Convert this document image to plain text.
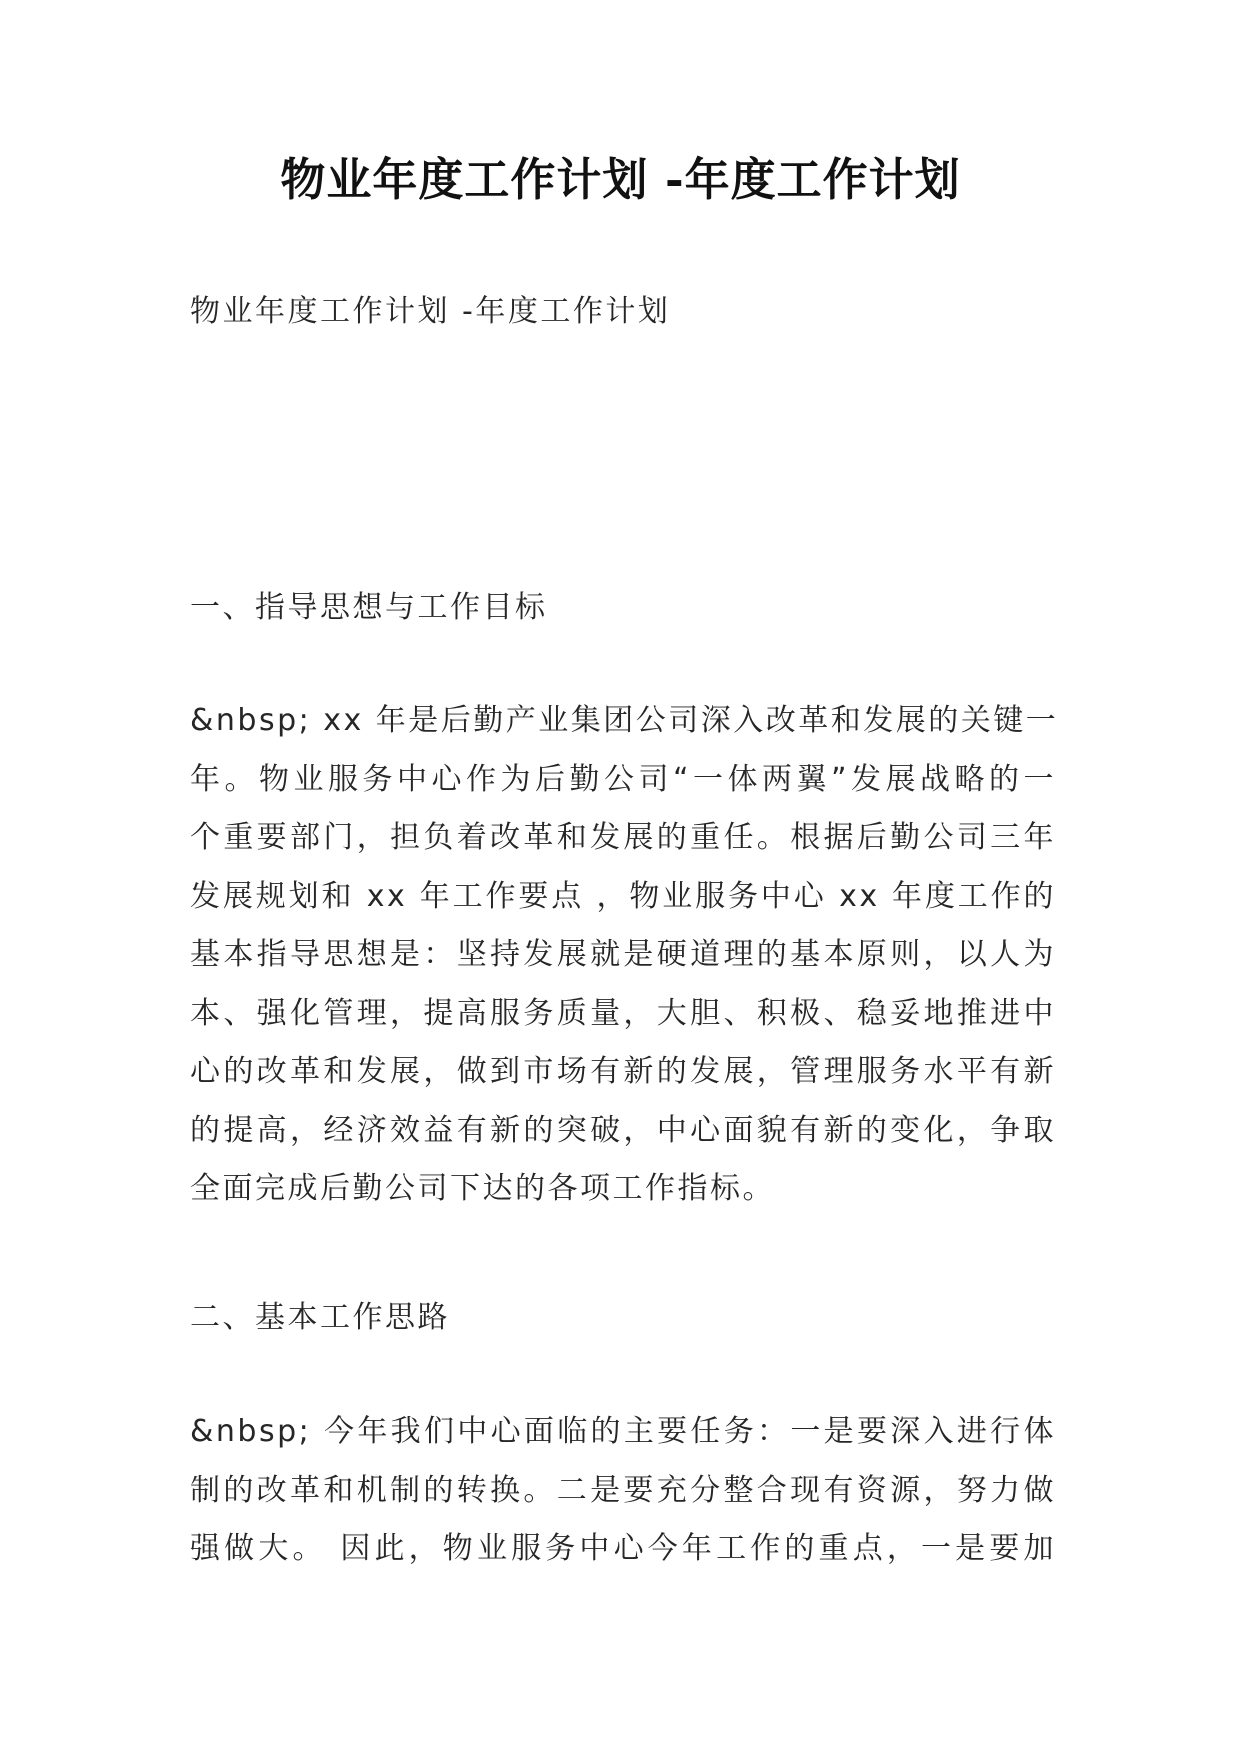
物业年度工作计划 -年度工作计划

物业年度工作计划 -年度工作计划

一、指导思想与工作目标

&nbsp; xx 年是后勤产业集团公司深入改革和发展的关键一
年。物业服务中心作为后勤公司“一体两翼”发展战略的一
个重要部门，担负着改革和发展的重任。根据后勤公司三年
发展规划和 xx 年工作要点 ，物业服务中心 xx 年度工作的
基本指导思想是：坚持发展就是硬道理的基本原则，以人为
本、强化管理，提高服务质量，大胆、积极、稳妥地推进中
心的改革和发展，做到市场有新的发展，管理服务水平有新
的提高，经济效益有新的突破，中心面貌有新的变化，争取
全面完成后勤公司下达的各项工作指标。

二、基本工作思路

&nbsp; 今年我们中心面临的主要任务：一是要深入进行体
制的改革和机制的转换。二是要充分整合现有资源，努力做
强做大。 因此，物业服务中心今年工作的重点，一是要加
